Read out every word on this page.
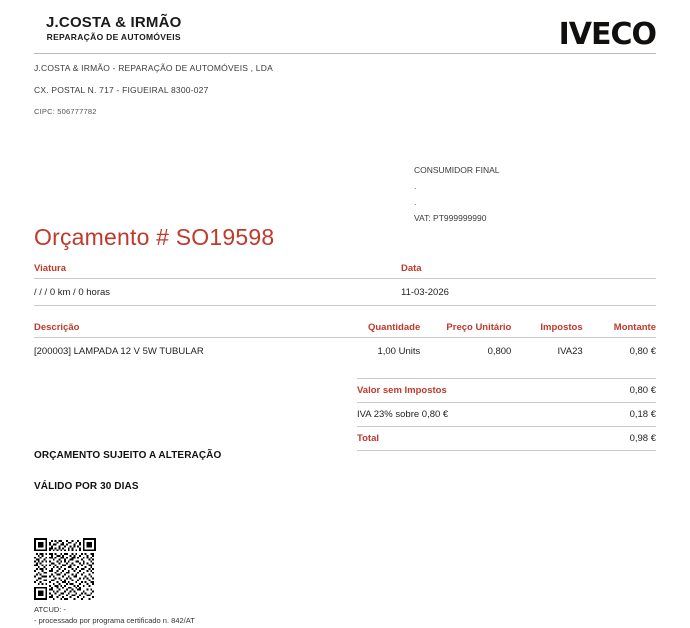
J.COSTA & IRMÃO
REPARAÇÃO DE AUTOMÓVEIS	IVECO
J.COSTA & IRMÃO - REPARAÇÃO DE AUTOMÓVEIS , LDA
CX. POSTAL N. 717 - FIGUEIRAL 8300-027
CIPC: 506777782
CONSUMIDOR FINAL
.
.
VAT: PT999999990
Orçamento # SO19598
Viatura	Data
/ / / 0 km / 0 horas	11-03-2026
Descrição	Quantidade	Preço Unitário	Impostos	Montante
[200003] LAMPADA 12 V 5W TUBULAR	1,00 Units	0,800	IVA23	0,80 €
Valor sem Impostos	0,80 €
IVA 23% sobre 0,80 €	0,18 €
Total	0,98 €
ORÇAMENTO SUJEITO A ALTERAÇÃO
VÁLIDO POR 30 DIAS
ATCUD: -
- processado por programa certificado n. 842/AT
